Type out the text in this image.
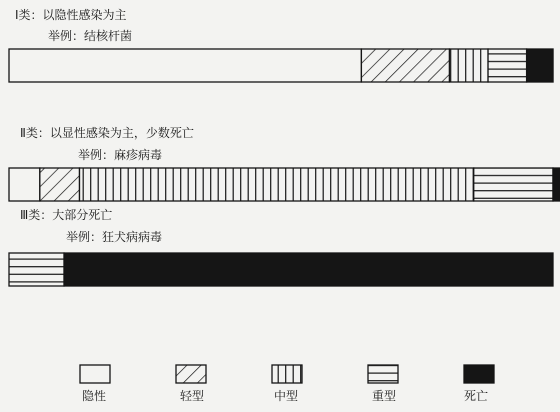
Ⅰ类：以隐性感染为主
举例：结核杆菌
Ⅱ类：以显性感染为主，少数死亡
举例：麻疹病毒
Ⅲ类：大部分死亡
举例：狂犬病病毒
隐性	轻型	中型	重型	死亡
